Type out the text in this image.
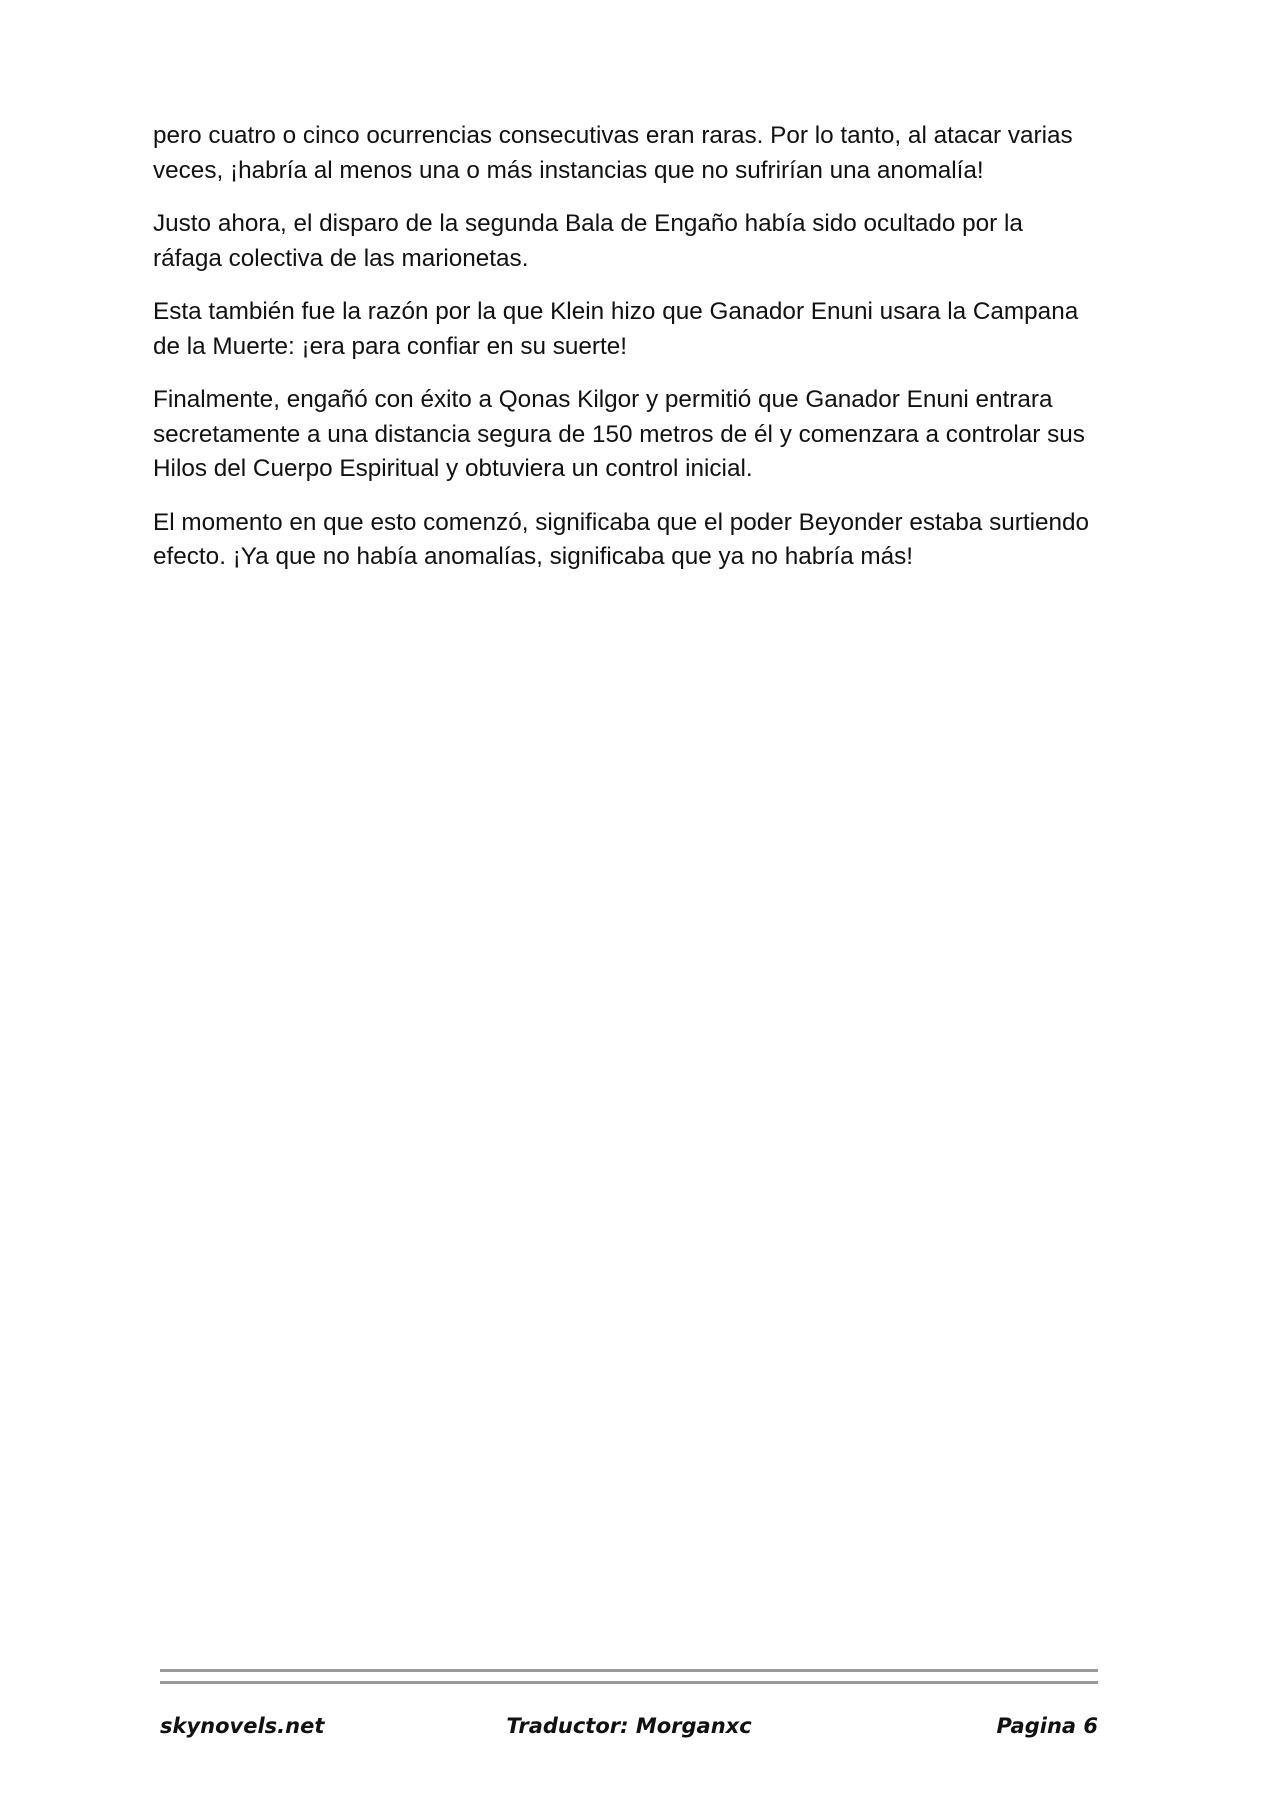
pero cuatro o cinco ocurrencias consecutivas eran raras. Por lo tanto, al atacar varias veces, ¡habría al menos una o más instancias que no sufrirían una anomalía!

Justo ahora, el disparo de la segunda Bala de Engaño había sido ocultado por la ráfaga colectiva de las marionetas.

Esta también fue la razón por la que Klein hizo que Ganador Enuni usara la Campana de la Muerte: ¡era para confiar en su suerte!

Finalmente, engañó con éxito a Qonas Kilgor y permitió que Ganador Enuni entrara secretamente a una distancia segura de 150 metros de él y comenzara a controlar sus Hilos del Cuerpo Espiritual y obtuviera un control inicial.

El momento en que esto comenzó, significaba que el poder Beyonder estaba surtiendo efecto. ¡Ya que no había anomalías, significaba que ya no habría más!

skynovels.net	Traductor: Morganxc	Pagina 6
